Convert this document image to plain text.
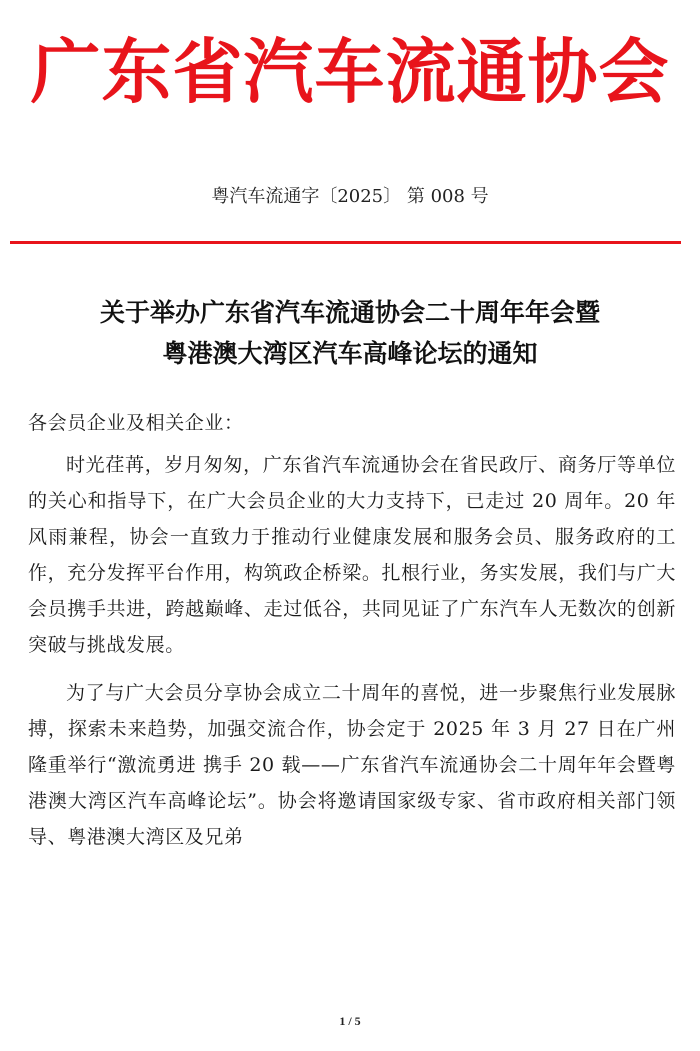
广东省汽车流通协会
粤汽车流通字〔2025〕 第 008 号
关于举办广东省汽车流通协会二十周年年会暨
粤港澳大湾区汽车高峰论坛的通知

各会员企业及相关企业：

时光荏苒，岁月匆匆，广东省汽车流通协会在省民政厅、商务厅等单位的关心和指导下，在广大会员企业的大力支持下，已走过 20 周年。20 年风雨兼程，协会一直致力于推动行业健康发展和服务会员、服务政府的工作，充分发挥平台作用，构筑政企桥梁。扎根行业，务实发展，我们与广大会员携手共进，跨越巅峰、走过低谷，共同见证了广东汽车人无数次的创新突破与挑战发展。

为了与广大会员分享协会成立二十周年的喜悦，进一步聚焦行业发展脉搏，探索未来趋势，加强交流合作，协会定于 2025 年 3 月 27 日在广州隆重举行“激流勇进 携手 20 载——广东省汽车流通协会二十周年年会暨粤港澳大湾区汽车高峰论坛”。协会将邀请国家级专家、省市政府相关部门领导、粤港澳大湾区及兄弟

1 / 5
